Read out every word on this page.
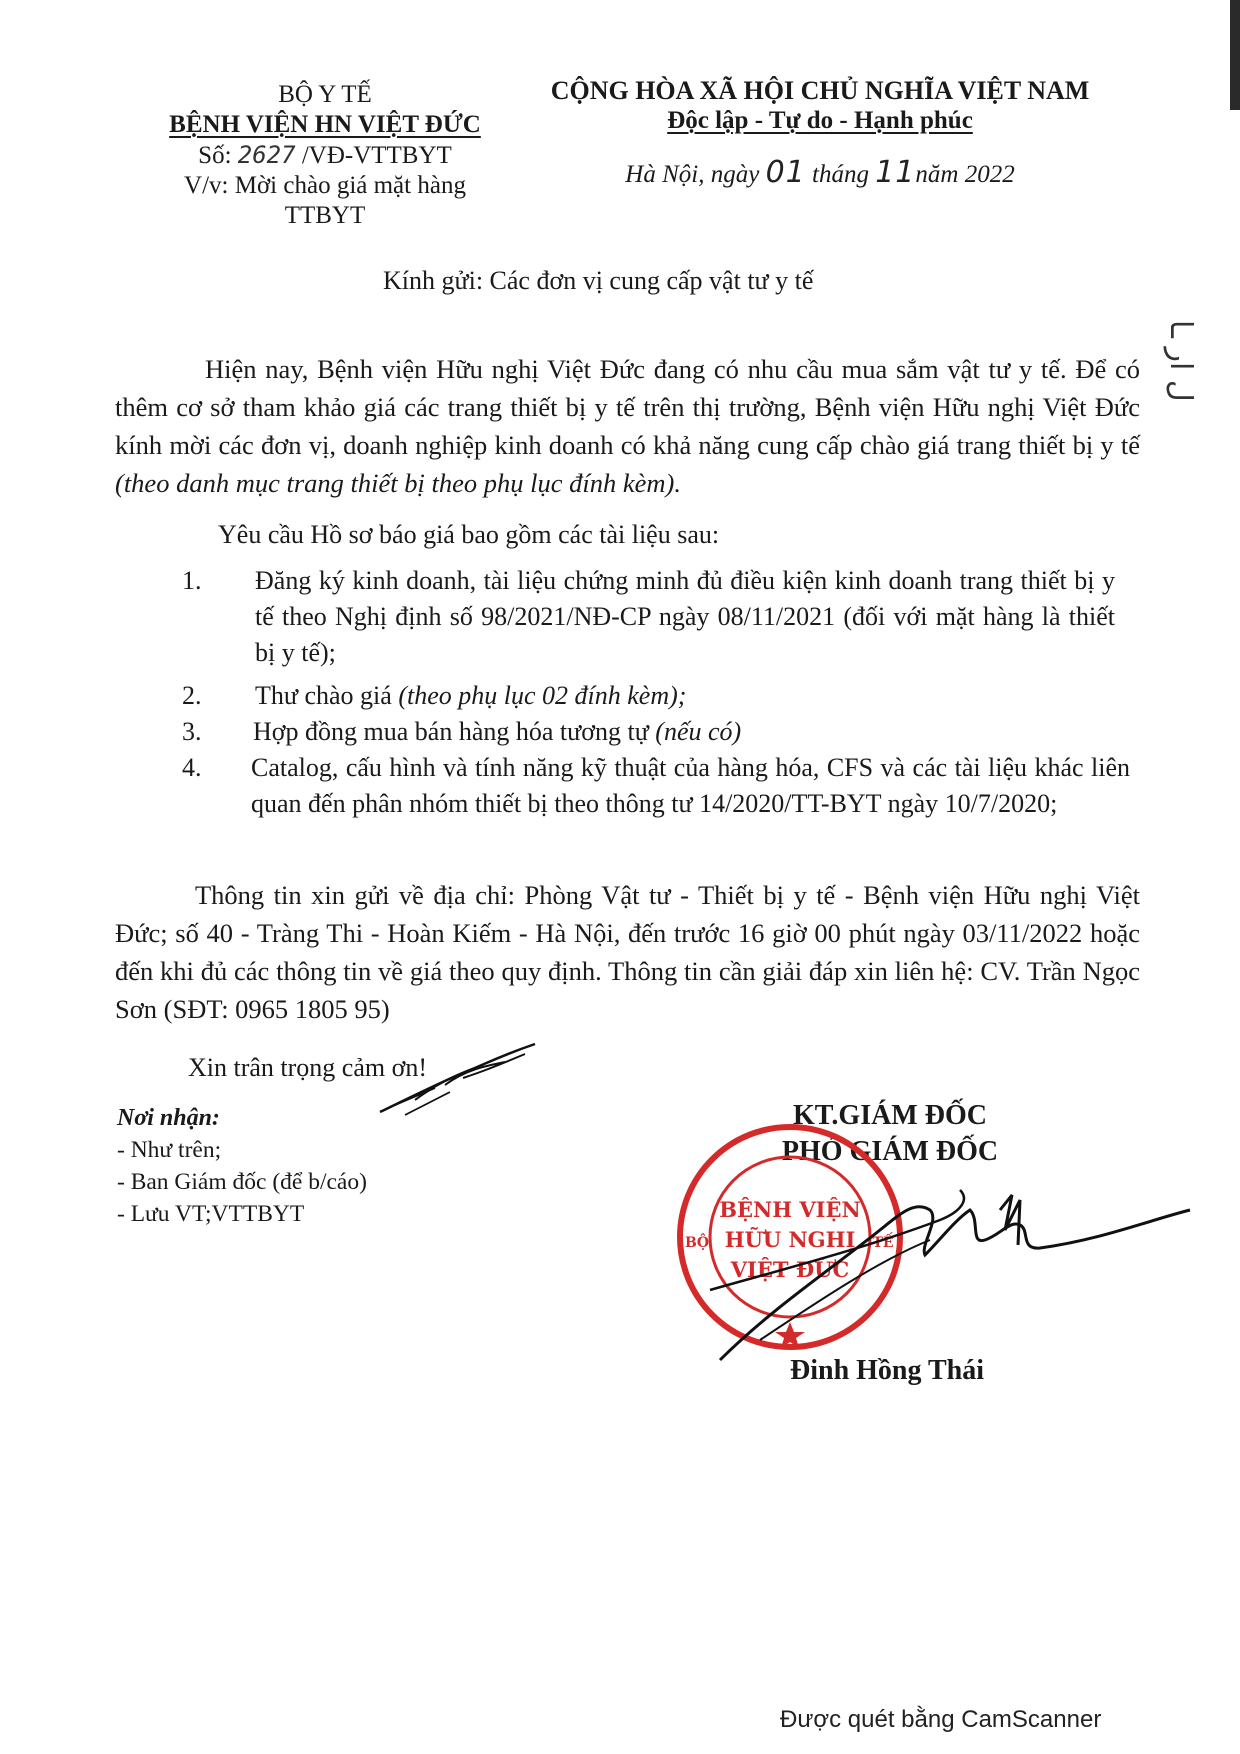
ل ار ـا
BỘ Y TẾ
BỆNH VIỆN HN VIỆT ĐỨC
Số: 2627 /VĐ-VTTBYT
V/v: Mời chào giá mặt hàng
TTBYT
CỘNG HÒA XÃ HỘI CHỦ NGHĨA VIỆT NAM
Độc lập - Tự do - Hạnh phúc
Hà Nội, ngày 01 tháng 11năm 2022
Kính gửi: Các đơn vị cung cấp vật tư y tế
Hiện nay, Bệnh viện Hữu nghị Việt Đức đang có nhu cầu mua sắm vật tư y tế. Để có thêm cơ sở tham khảo giá các trang thiết bị y tế trên thị trường, Bệnh viện Hữu nghị Việt Đức kính mời các đơn vị, doanh nghiệp kinh doanh có khả năng cung cấp chào giá trang thiết bị y tế (theo danh mục trang thiết bị theo phụ lục đính kèm).
Yêu cầu Hồ sơ báo giá bao gồm các tài liệu sau:
1.	Đăng ký kinh doanh, tài liệu chứng minh đủ điều kiện kinh doanh trang thiết bị y tế theo Nghị định số 98/2021/NĐ-CP ngày 08/11/2021 (đối với mặt hàng là thiết bị y tế);
2. Thư chào giá (theo phụ lục 02 đính kèm);
3. Hợp đồng mua bán hàng hóa tương tự (nếu có)
4.	Catalog, cấu hình và tính năng kỹ thuật của hàng hóa, CFS và các tài liệu khác liên quan đến phân nhóm thiết bị theo thông tư 14/2020/TT-BYT ngày 10/7/2020;
Thông tin xin gửi về địa chỉ: Phòng Vật tư - Thiết bị y tế - Bệnh viện Hữu nghị Việt Đức; số 40 - Tràng Thi - Hoàn Kiếm - Hà Nội, đến trước 16 giờ 00 phút ngày 03/11/2022 hoặc đến khi đủ các thông tin về giá theo quy định. Thông tin cần giải đáp xin liên hệ: CV. Trần Ngọc Sơn (SĐT: 0965 1805 95)
Xin trân trọng cảm ơn!
Nơi nhận:
- Như trên;
- Ban Giám đốc (để b/cáo)
- Lưu VT;VTTBYT
KT.GIÁM ĐỐC
PHÓ GIÁM ĐỐC
BỆNH VIỆN
HỮU NGHỊ
VIỆT ĐỨC
BỘ	TẾ
Đinh Hồng Thái
Được quét bằng CamScanner
